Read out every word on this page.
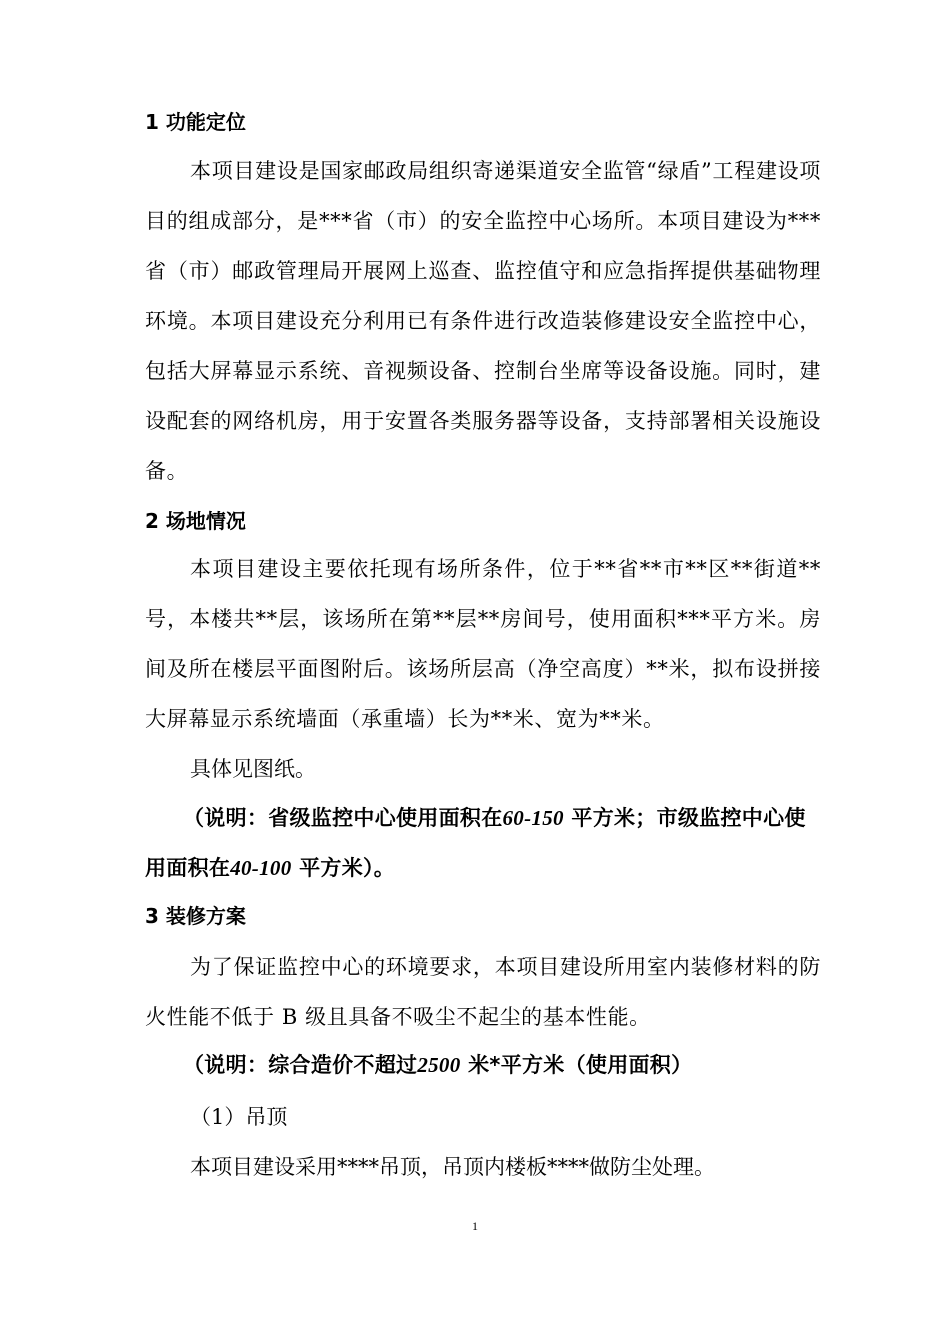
1 功能定位
本项目建设是国家邮政局组织寄递渠道安全监管“绿盾”工程建设项目的组成部分，是***省（市）的安全监控中心场所。本项目建设为***省（市）邮政管理局开展网上巡查、监控值守和应急指挥提供基础物理环境。本项目建设充分利用已有条件进行改造装修建设安全监控中心，包括大屏幕显示系统、音视频设备、控制台坐席等设备设施。同时，建设配套的网络机房，用于安置各类服务器等设备，支持部署相关设施设备。
2 场地情况
本项目建设主要依托现有场所条件，位于**省**市**区**街道**号，本楼共**层，该场所在第**层**房间号，使用面积***平方米。房间及所在楼层平面图附后。该场所层高（净空高度）**米，拟布设拼接大屏幕显示系统墙面（承重墙）长为**米、宽为**米。
具体见图纸。
（说明：省级监控中心使用面积在60-150 平方米；市级监控中心使用面积在40-100 平方米）。
3 装修方案
为了保证监控中心的环境要求，本项目建设所用室内装修材料的防火性能不低于 B 级且具备不吸尘不起尘的基本性能。
（说明：综合造价不超过2500 米*平方米（使用面积）
（1）吊顶
本项目建设采用****吊顶，吊顶内楼板****做防尘处理。
1
